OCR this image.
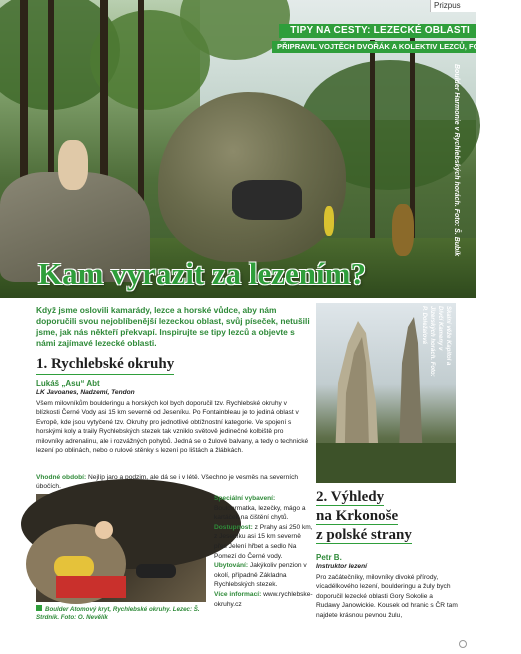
Prizpus
TIPY NA CESTY: LEZECKÉ OBLASTI
PŘIPRAVIL VOJTĚCH DVOŘÁK A KOLEKTIV LEZCŮ, FOTO AUTOŘI
Boulder Harmonie v Rychlebských horách. Foto: Š. Bubík
Kam vyrazit za lezením?

Když jsme oslovili kamarády, lezce a horské vůdce, aby nám doporučili svou nejoblíbenější lezeckou oblast, svůj píseček, netušili jsme, jak nás někteří překvapí. Inspirujte se tipy lezců a objevte s námi zajímavé lezecké oblasti.

1. Rychlebské okruhy
Lukáš „Asu“ Abt
LK Javoanes, Nadzemí, Tendon

Všem milovníkům boulderingu a horských kol bych doporučil tzv. Rychlebské okruhy v blízkosti Černé Vody asi 15 km severně od Jeseníku. Po Fontainbleau je to jediná oblast v Evropě, kde jsou vytyčené tzv. Okruhy pro jednotlivé obtížnostní kategorie. Ve spojení s horskými koly a traily Rychlebských stezek tak vzniklo světově jedinečné kolbiště pro milovníky adrenalinu, ale i rozvážných pohybů. Jedná se o žulové balvany, a tedy o technické lezení po oblinách, nebo o rulové stěnky s lezení po lištách a žlábkách.

Vhodné období: Nejlíp jaro a podzim, ale dá se i v létě. Všechno je vesměs na severních úbočích.

Boulder Atomový kryt, Rychlebské okruhy. Lezec: Š. Strdník. Foto: O. Nevělík
Speciální vybavení: Bouldermatka, lezečky, mágo a kartáček na čištění chytů.
Dostupnost: z Prahy asi 250 km, z Jeseníku asi 15 km severně přes Jelení hřbet a sedlo Na Pomezí do Černé vody.
Ubytování: Jakýkoliv penzion v okolí, případně Základna Rychlebských stezek.
Více informací: www.rychlebske-okruhy.cz
Skalní věže Kapitol a Dívčí Kameny v Jizerských horách. Foto: P. Doležalová
2. Výhledy
na Krkonoše
z polské strany
Petr B.
Instruktor lezení

Pro začátečníky, milovníky divoké přírody, vícadélkového lezení, boulderingu a žuly bych doporučil lezecké oblasti Gory Sokolie a Rudawy Janowickie. Kousek od hranic s ČR tam najdete krásnou pevnou žulu,
